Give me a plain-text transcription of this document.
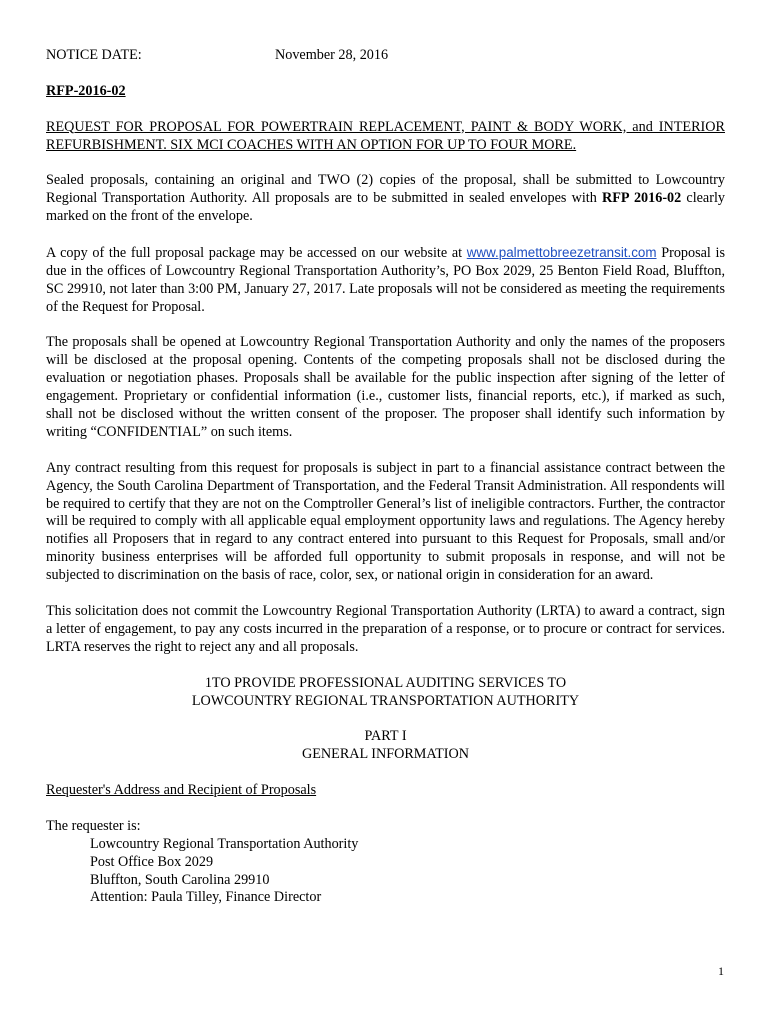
NOTICE DATE:	November 28, 2016
RFP-2016-02

REQUEST FOR PROPOSAL FOR POWERTRAIN REPLACEMENT, PAINT & BODY WORK, and INTERIOR REFURBISHMENT. SIX MCI COACHES WITH AN OPTION FOR UP TO FOUR MORE.

Sealed proposals, containing an original and TWO (2) copies of the proposal, shall be submitted to Lowcountry Regional Transportation Authority. All proposals are to be submitted in sealed envelopes with RFP 2016-02 clearly marked on the front of the envelope.

A copy of the full proposal package may be accessed on our website at www.palmettobreezetransit.com Proposal is due in the offices of Lowcountry Regional Transportation Authority’s, PO Box 2029, 25 Benton Field Road, Bluffton, SC 29910, not later than 3:00 PM, January 27, 2017. Late proposals will not be considered as meeting the requirements of the Request for Proposal.

The proposals shall be opened at Lowcountry Regional Transportation Authority and only the names of the proposers will be disclosed at the proposal opening. Contents of the competing proposals shall not be disclosed during the evaluation or negotiation phases. Proposals shall be available for the public inspection after signing of the letter of engagement. Proprietary or confidential information (i.e., customer lists, financial reports, etc.), if marked as such, shall not be disclosed without the written consent of the proposer. The proposer shall identify such information by writing “CONFIDENTIAL” on such items.

Any contract resulting from this request for proposals is subject in part to a financial assistance contract between the Agency, the South Carolina Department of Transportation, and the Federal Transit Administration. All respondents will be required to certify that they are not on the Comptroller General’s list of ineligible contractors. Further, the contractor will be required to comply with all applicable equal employment opportunity laws and regulations. The Agency hereby notifies all Proposers that in regard to any contract entered into pursuant to this Request for Proposals, small and/or minority business enterprises will be afforded full opportunity to submit proposals in response, and will not be subjected to discrimination on the basis of race, color, sex, or national origin in consideration for an award.

This solicitation does not commit the Lowcountry Regional Transportation Authority (LRTA) to award a contract, sign a letter of engagement, to pay any costs incurred in the preparation of a response, or to procure or contract for services. LRTA reserves the right to reject any and all proposals.

1TO PROVIDE PROFESSIONAL AUDITING SERVICES TO
LOWCOUNTRY REGIONAL TRANSPORTATION AUTHORITY
PART I
GENERAL INFORMATION
Requester's Address and Recipient of Proposals
The requester is:
Lowcountry Regional Transportation Authority
Post Office Box 2029
Bluffton, South Carolina 29910
Attention: Paula Tilley, Finance Director
1
